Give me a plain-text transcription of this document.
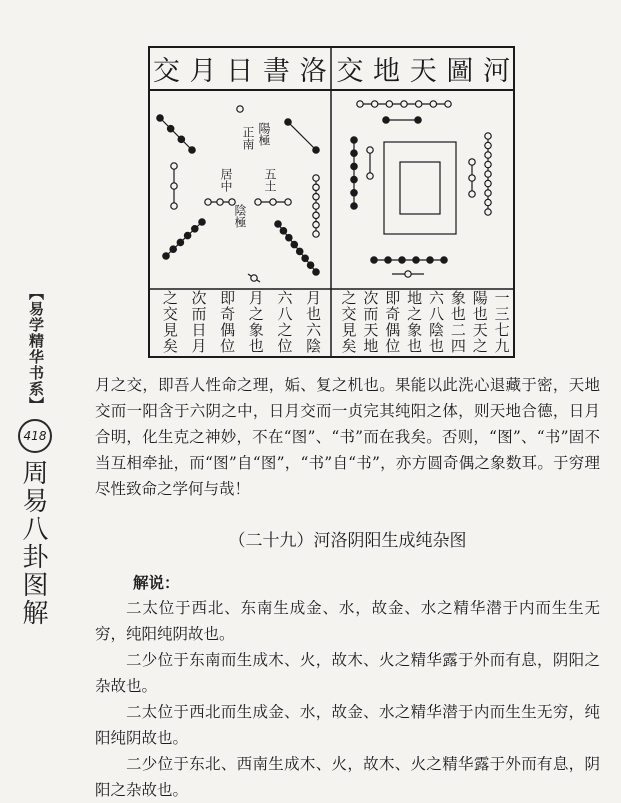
交 月 日 書 洛 交 地 天 圖 河
之交見矣 次而日月 即奇偶位 月之象也 六八之位 月也六陰 之交見矣 次而天地 即奇偶位 地之象也 六八陰也 象也二四 陽也天之 一三七九
陽極
正南
居中	五土
陰極
【易学精华书系】
418
周易八卦图解

月之交，即吾人性命之理，姤、复之机也。果能以此洗心退藏于密，天地交而一阳含于六阴之中，日月交而一贞完其纯阳之体，则天地合德，日月合明，化生克之神妙，不在“图”、“书”而在我矣。否则，“图”、“书”固不当互相牵扯，而“图”自“图”，“书”自“书”，亦方圆奇偶之象数耳。于穷理尽性致命之学何与哉！

（二十九）河洛阴阳生成纯杂图
解说：

二太位于西北、东南生成金、水，故金、水之精华潜于内而生生无穷，纯阳纯阴故也。

二少位于东南而生成木、火，故木、火之精华露于外而有息，阴阳之杂故也。

二太位于西北而生成金、水，故金、水之精华潜于内而生生无穷，纯阳纯阴故也。

二少位于东北、西南生成木、火，故木、火之精华露于外而有息，阴阳之杂故也。
